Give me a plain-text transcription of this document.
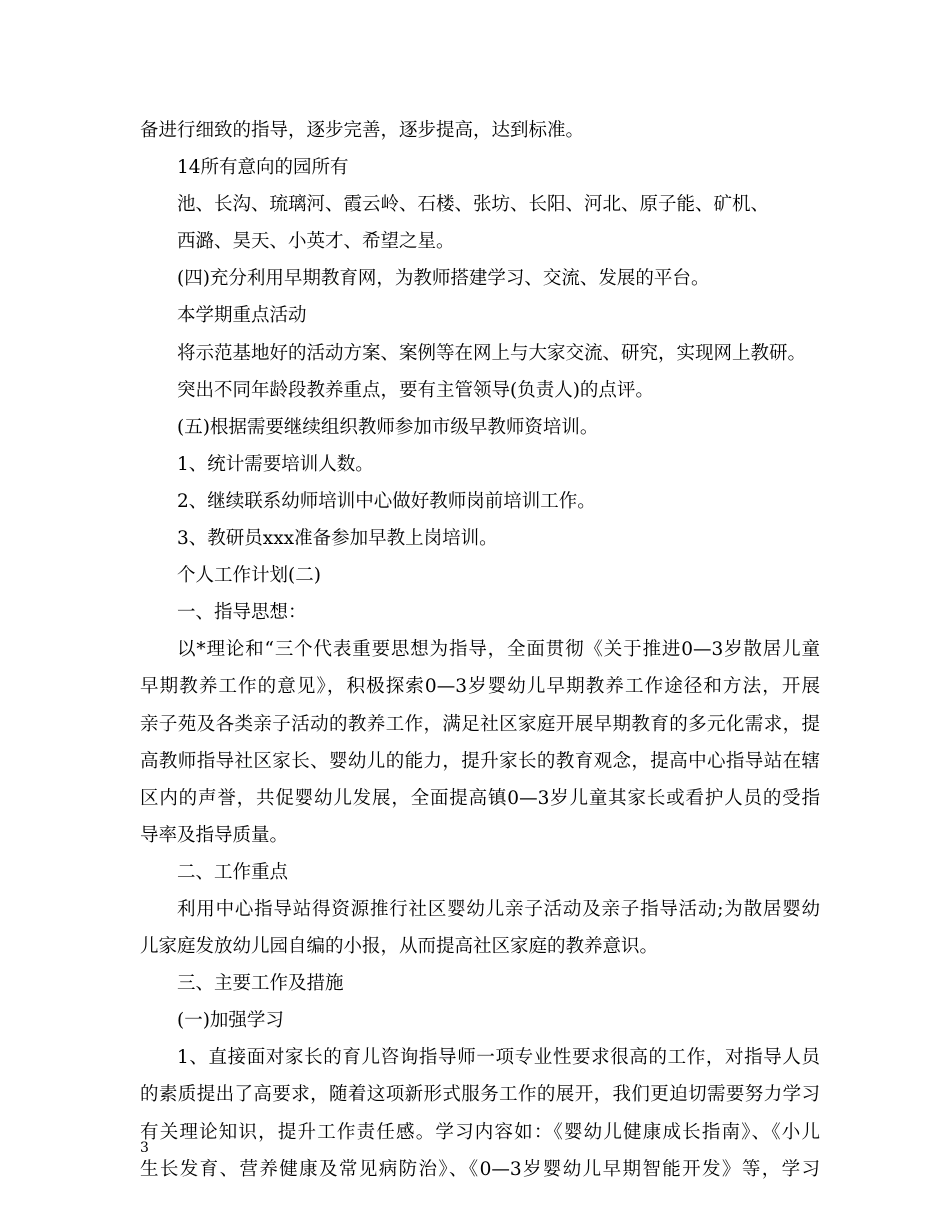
备进行细致的指导，逐步完善，逐步提高，达到标准。
14所有意向的园所有
池、长沟、琉璃河、霞云岭、石楼、张坊、长阳、河北、原子能、矿机、
西潞、昊天、小英才、希望之星。
(四)充分利用早期教育网，为教师搭建学习、交流、发展的平台。
本学期重点活动
将示范基地好的活动方案、案例等在网上与大家交流、研究，实现网上教研。
突出不同年龄段教养重点，要有主管领导(负责人)的点评。
(五)根据需要继续组织教师参加市级早教师资培训。
1、统计需要培训人数。
2、继续联系幼师培训中心做好教师岗前培训工作。
3、教研员xxx准备参加早教上岗培训。
个人工作计划(二)
一、指导思想：
以*理论和“三个代表重要思想为指导，全面贯彻《关于推进0—3岁散居儿童
早期教养工作的意见》，积极探索0—3岁婴幼儿早期教养工作途径和方法，开展
亲子苑及各类亲子活动的教养工作，满足社区家庭开展早期教育的多元化需求，提
高教师指导社区家长、婴幼儿的能力，提升家长的教育观念，提高中心指导站在辖
区内的声誉，共促婴幼儿发展，全面提高镇0—3岁儿童其家长或看护人员的受指
导率及指导质量。
二、工作重点
利用中心指导站得资源推行社区婴幼儿亲子活动及亲子指导活动;为散居婴幼
儿家庭发放幼儿园自编的小报，从而提高社区家庭的教养意识。
三、主要工作及措施
(一)加强学习
1、直接面对家长的育儿咨询指导师一项专业性要求很高的工作，对指导人员
的素质提出了高要求，随着这项新形式服务工作的展开，我们更迫切需要努力学习
有关理论知识，提升工作责任感。学习内容如：《婴幼儿健康成长指南》、《小儿
生长发育、营养健康及常见病防治》、《0—3岁婴幼儿早期智能开发》等，学习
3
